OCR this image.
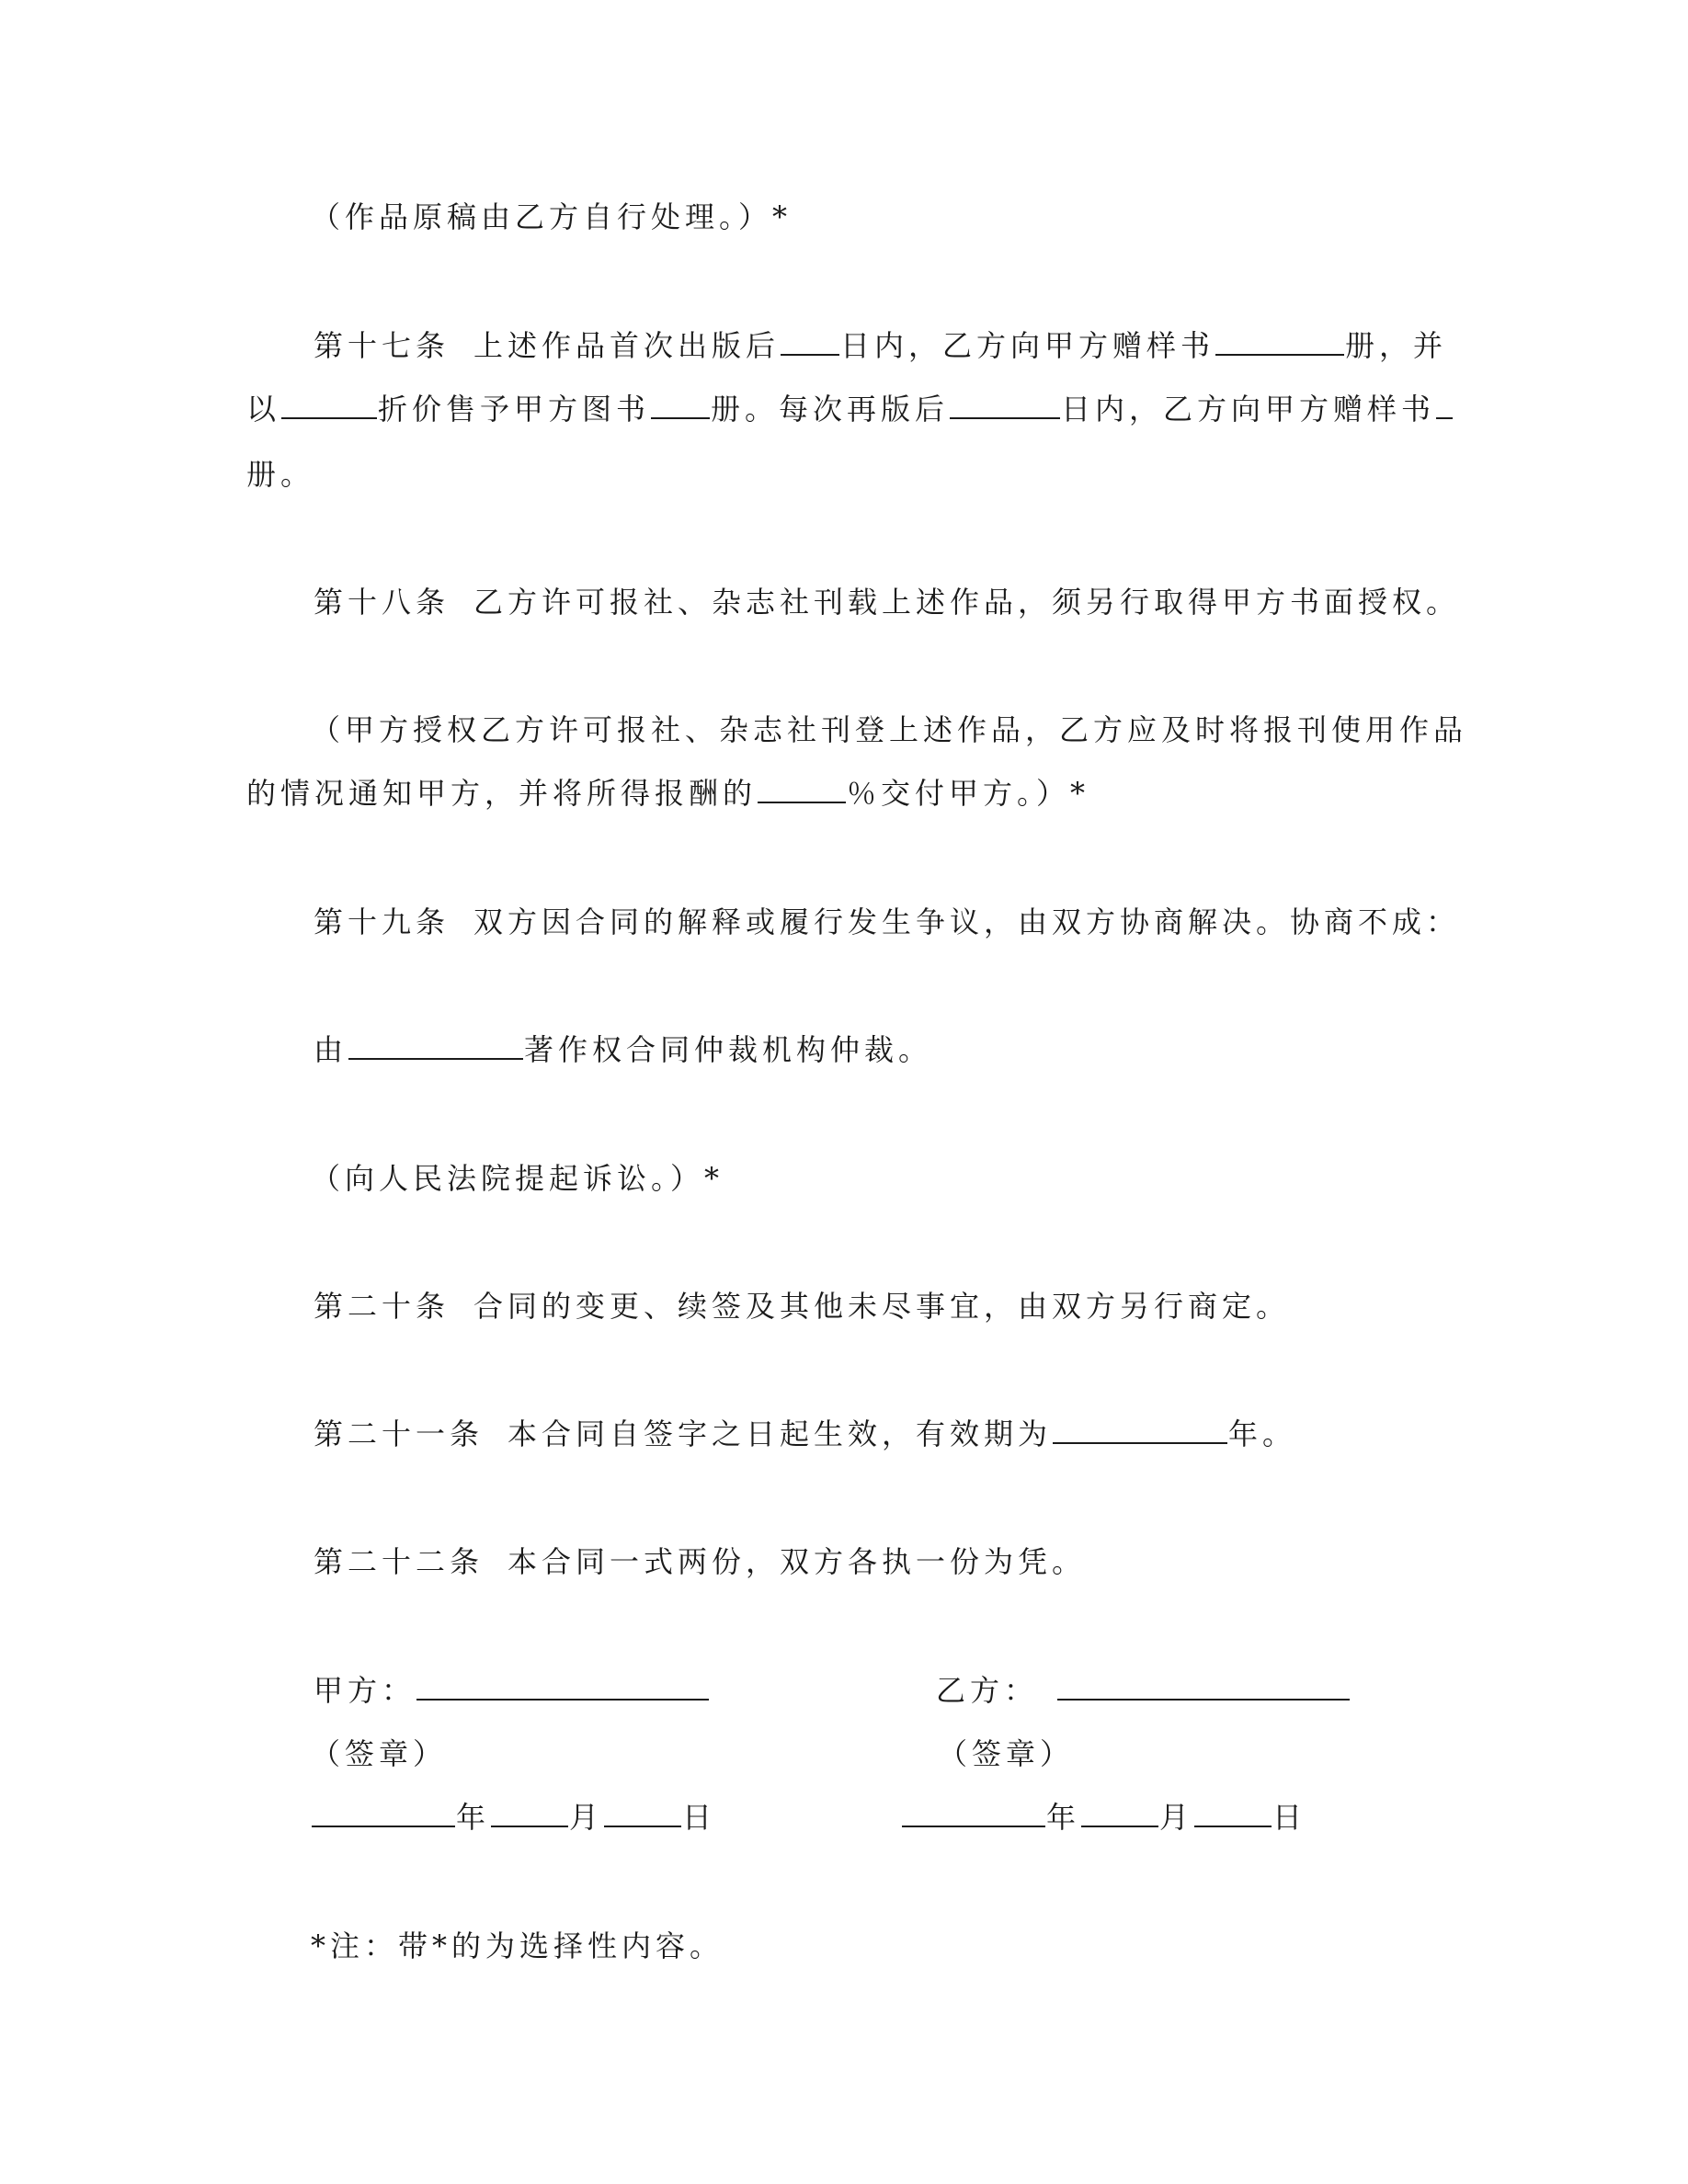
（作品原稿由乙方自行处理。）*
第十七条 上述作品首次出版后 日内，乙方向甲方赠样书	册，并
以	折价售予甲方图书 册。每次再版后	日内，乙方向甲方赠样书
册。
第十八条 乙方许可报社、杂志社刊载上述作品，须另行取得甲方书面授权。
（甲方授权乙方许可报社、杂志社刊登上述作品，乙方应及时将报刊使用作品
的情况通知甲方，并将所得报酬的	％交付甲方。）*
第十九条 双方因合同的解释或履行发生争议，由双方协商解决。协商不成：
由	著作权合同仲裁机构仲裁。
（向人民法院提起诉讼。）*
第二十条 合同的变更、续签及其他未尽事宜，由双方另行商定。
第二十一条 本合同自签字之日起生效，有效期为	年。
第二十二条 本合同一式两份，双方各执一份为凭。
甲方：
（签章）
年	月	日
乙方：
（签章）
年	月	日
*注：带*的为选择性内容。
